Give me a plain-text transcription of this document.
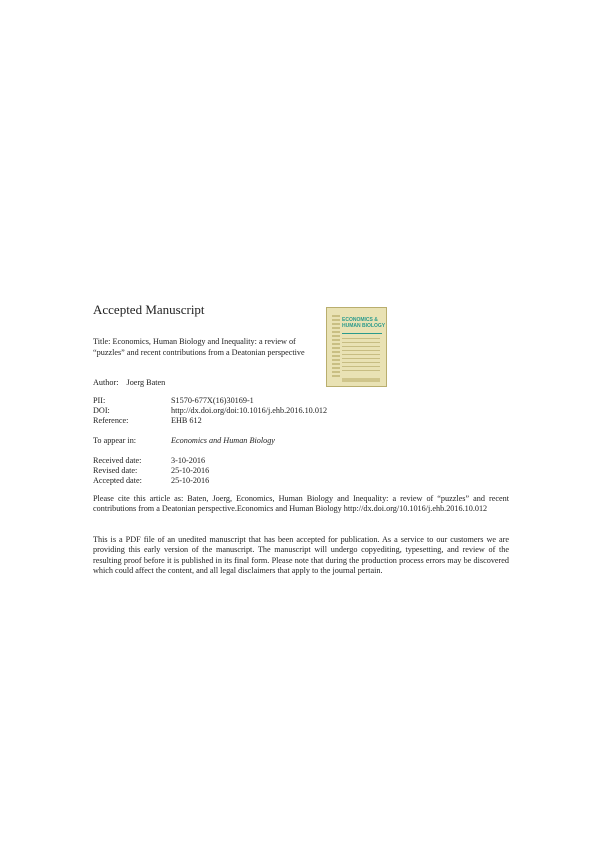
Accepted Manuscript
Title: Economics, Human Biology and Inequality: a review of “puzzles” and recent contributions from a Deatonian perspective
Author: Joerg Baten
PII:	S1570-677X(16)30169-1
DOI:	http://dx.doi.org/doi:10.1016/j.ehb.2016.10.012
Reference:	EHB 612
To appear in:	Economics and Human Biology
Received date:	3-10-2016
Revised date:	25-10-2016
Accepted date:	25-10-2016
Please cite this article as: Baten, Joerg, Economics, Human Biology and Inequality: a review of “puzzles” and recent contributions from a Deatonian perspective.Economics and Human Biology http://dx.doi.org/10.1016/j.ehb.2016.10.012
This is a PDF file of an unedited manuscript that has been accepted for publication. As a service to our customers we are providing this early version of the manuscript. The manuscript will undergo copyediting, typesetting, and review of the resulting proof before it is published in its final form. Please note that during the production process errors may be discovered which could affect the content, and all legal disclaimers that apply to the journal pertain.
ECONOMICS & HUMAN BIOLOGY
